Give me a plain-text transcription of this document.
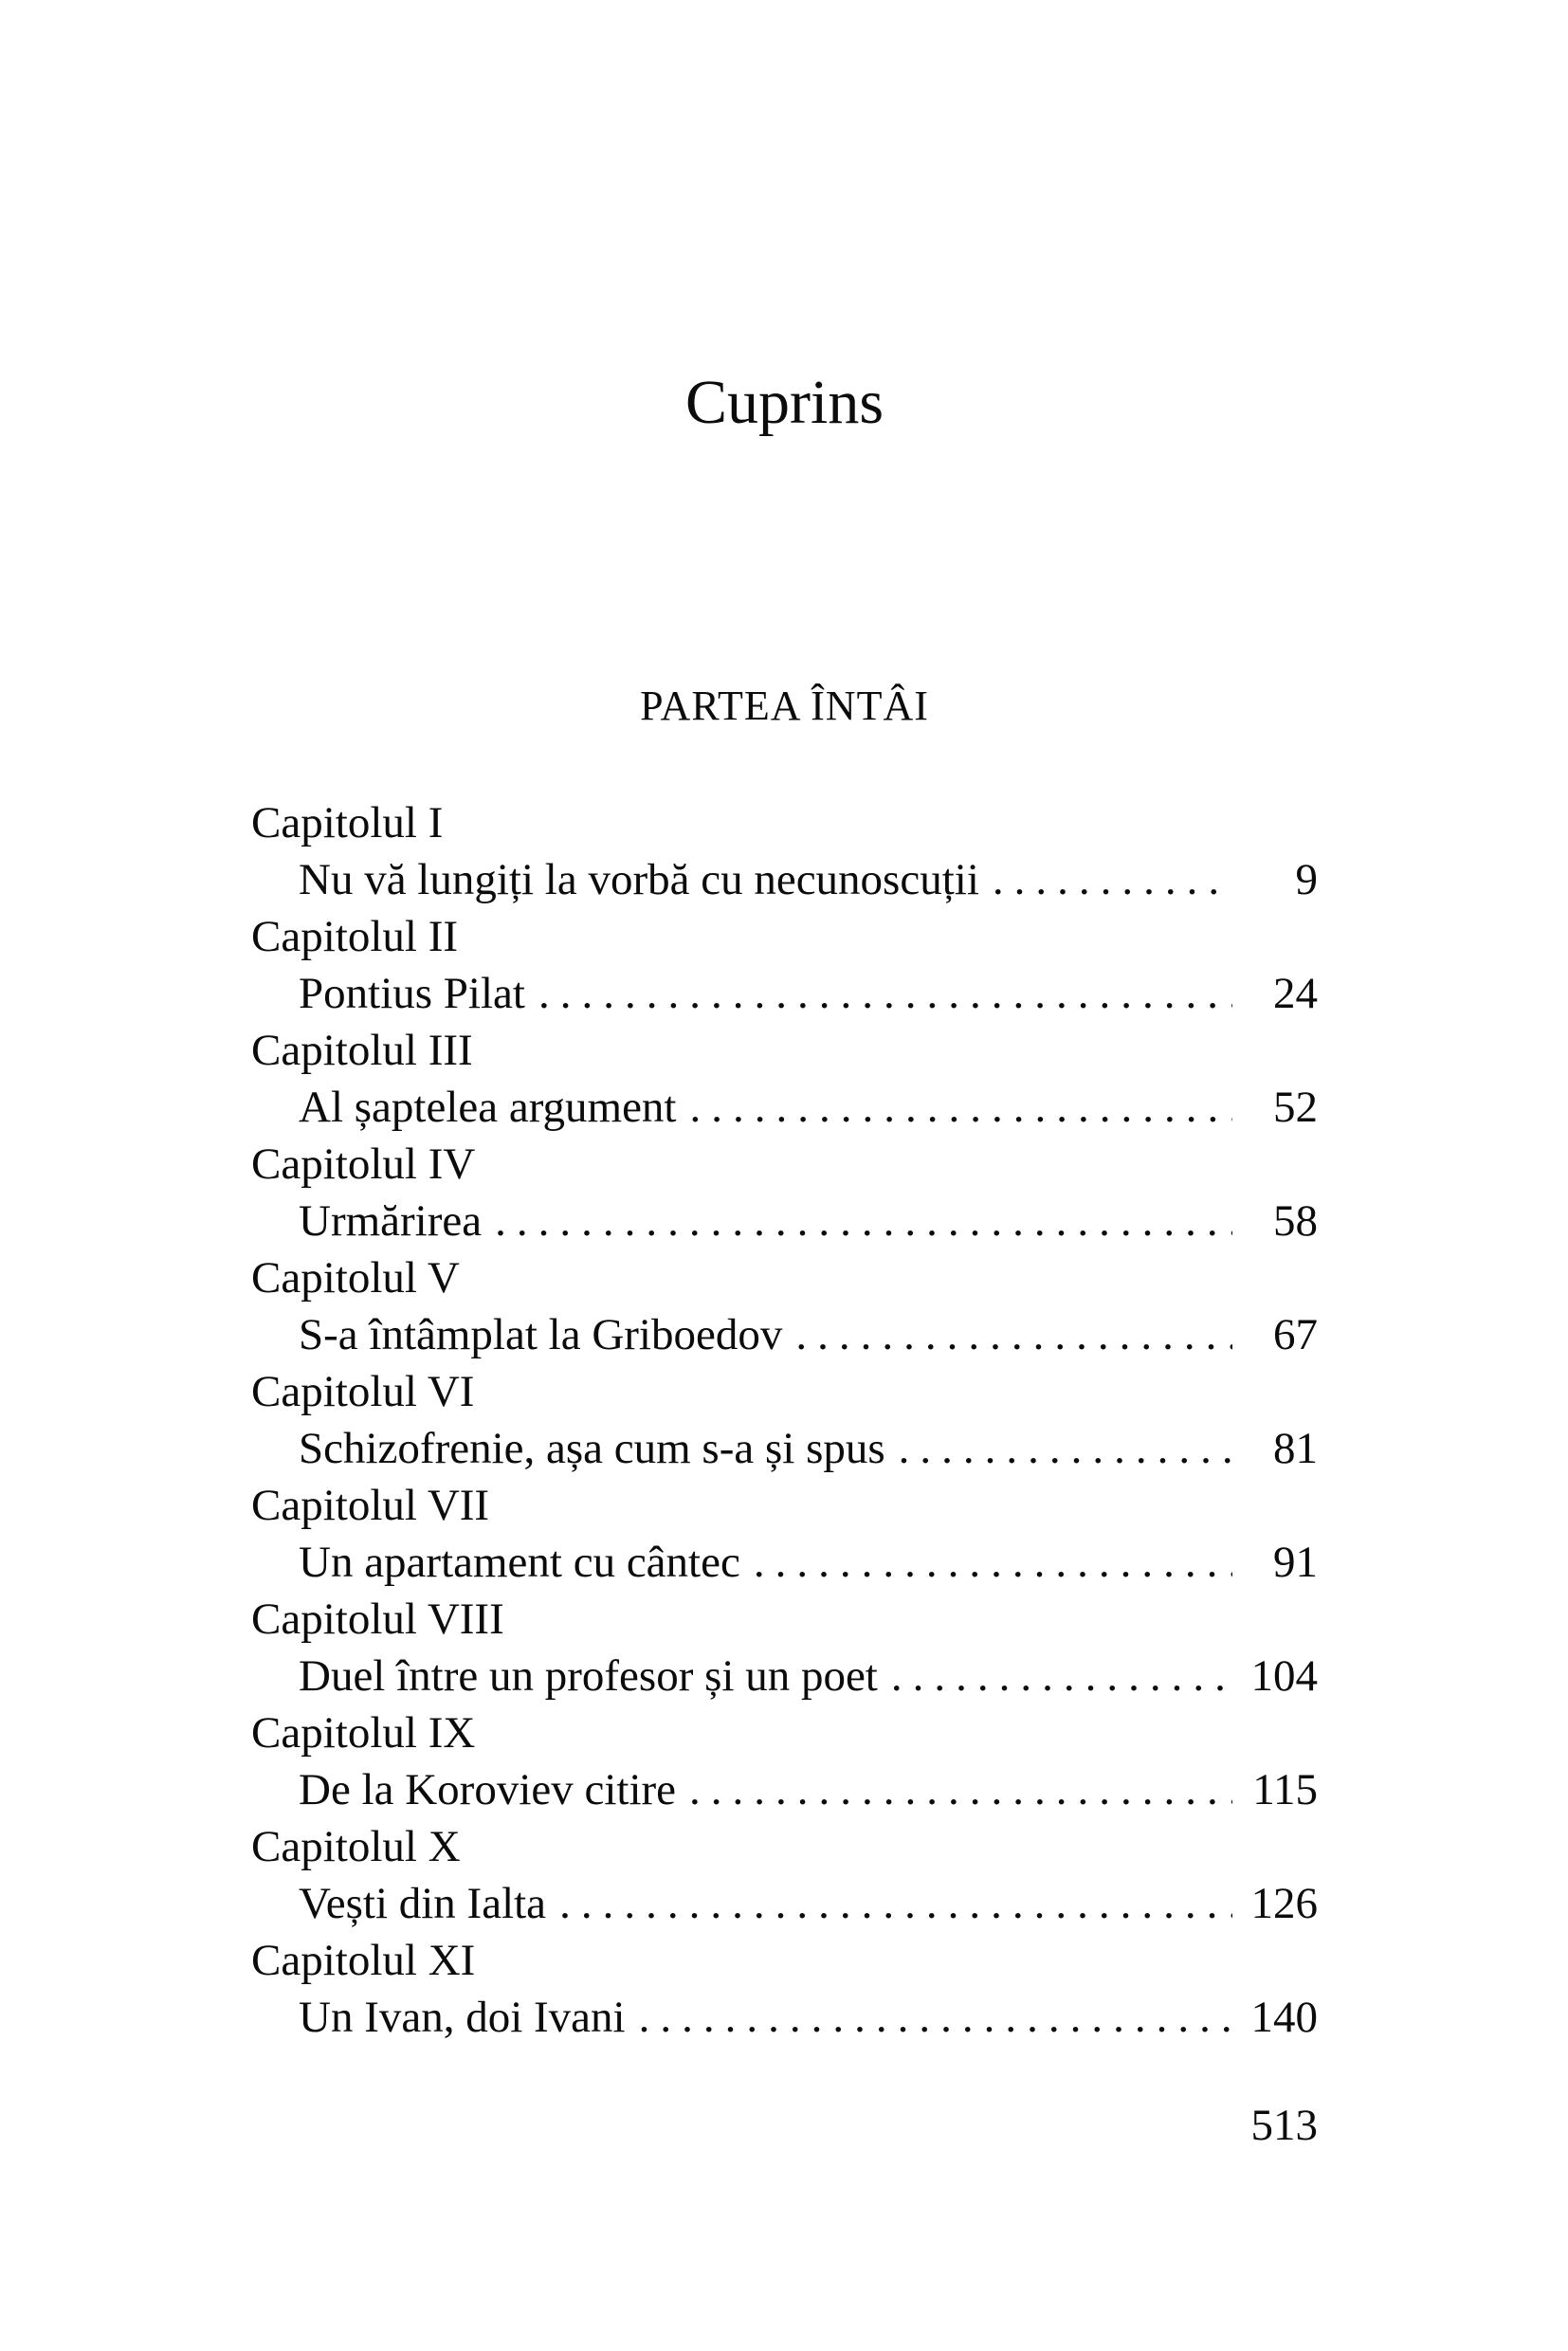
Cuprins
PARTEA ÎNTÂI
Capitolul I
Nu vă lungiți la vorbă cu necunoscuții .....	9
Capitolul II
Pontius Pilat .....	24
Capitolul III
Al șaptelea argument .....	52
Capitolul IV
Urmărirea .....	58
Capitolul V
S-a întâmplat la Griboedov .....	67
Capitolul VI
Schizofrenie, așa cum s-a și spus .....	81
Capitolul VII
Un apartament cu cântec .....	91
Capitolul VIII
Duel între un profesor și un poet .....	104
Capitolul IX
De la Koroviev citire .....	115
Capitolul X
Vești din Ialta .....	126
Capitolul XI
Un Ivan, doi Ivani .....	140
513
